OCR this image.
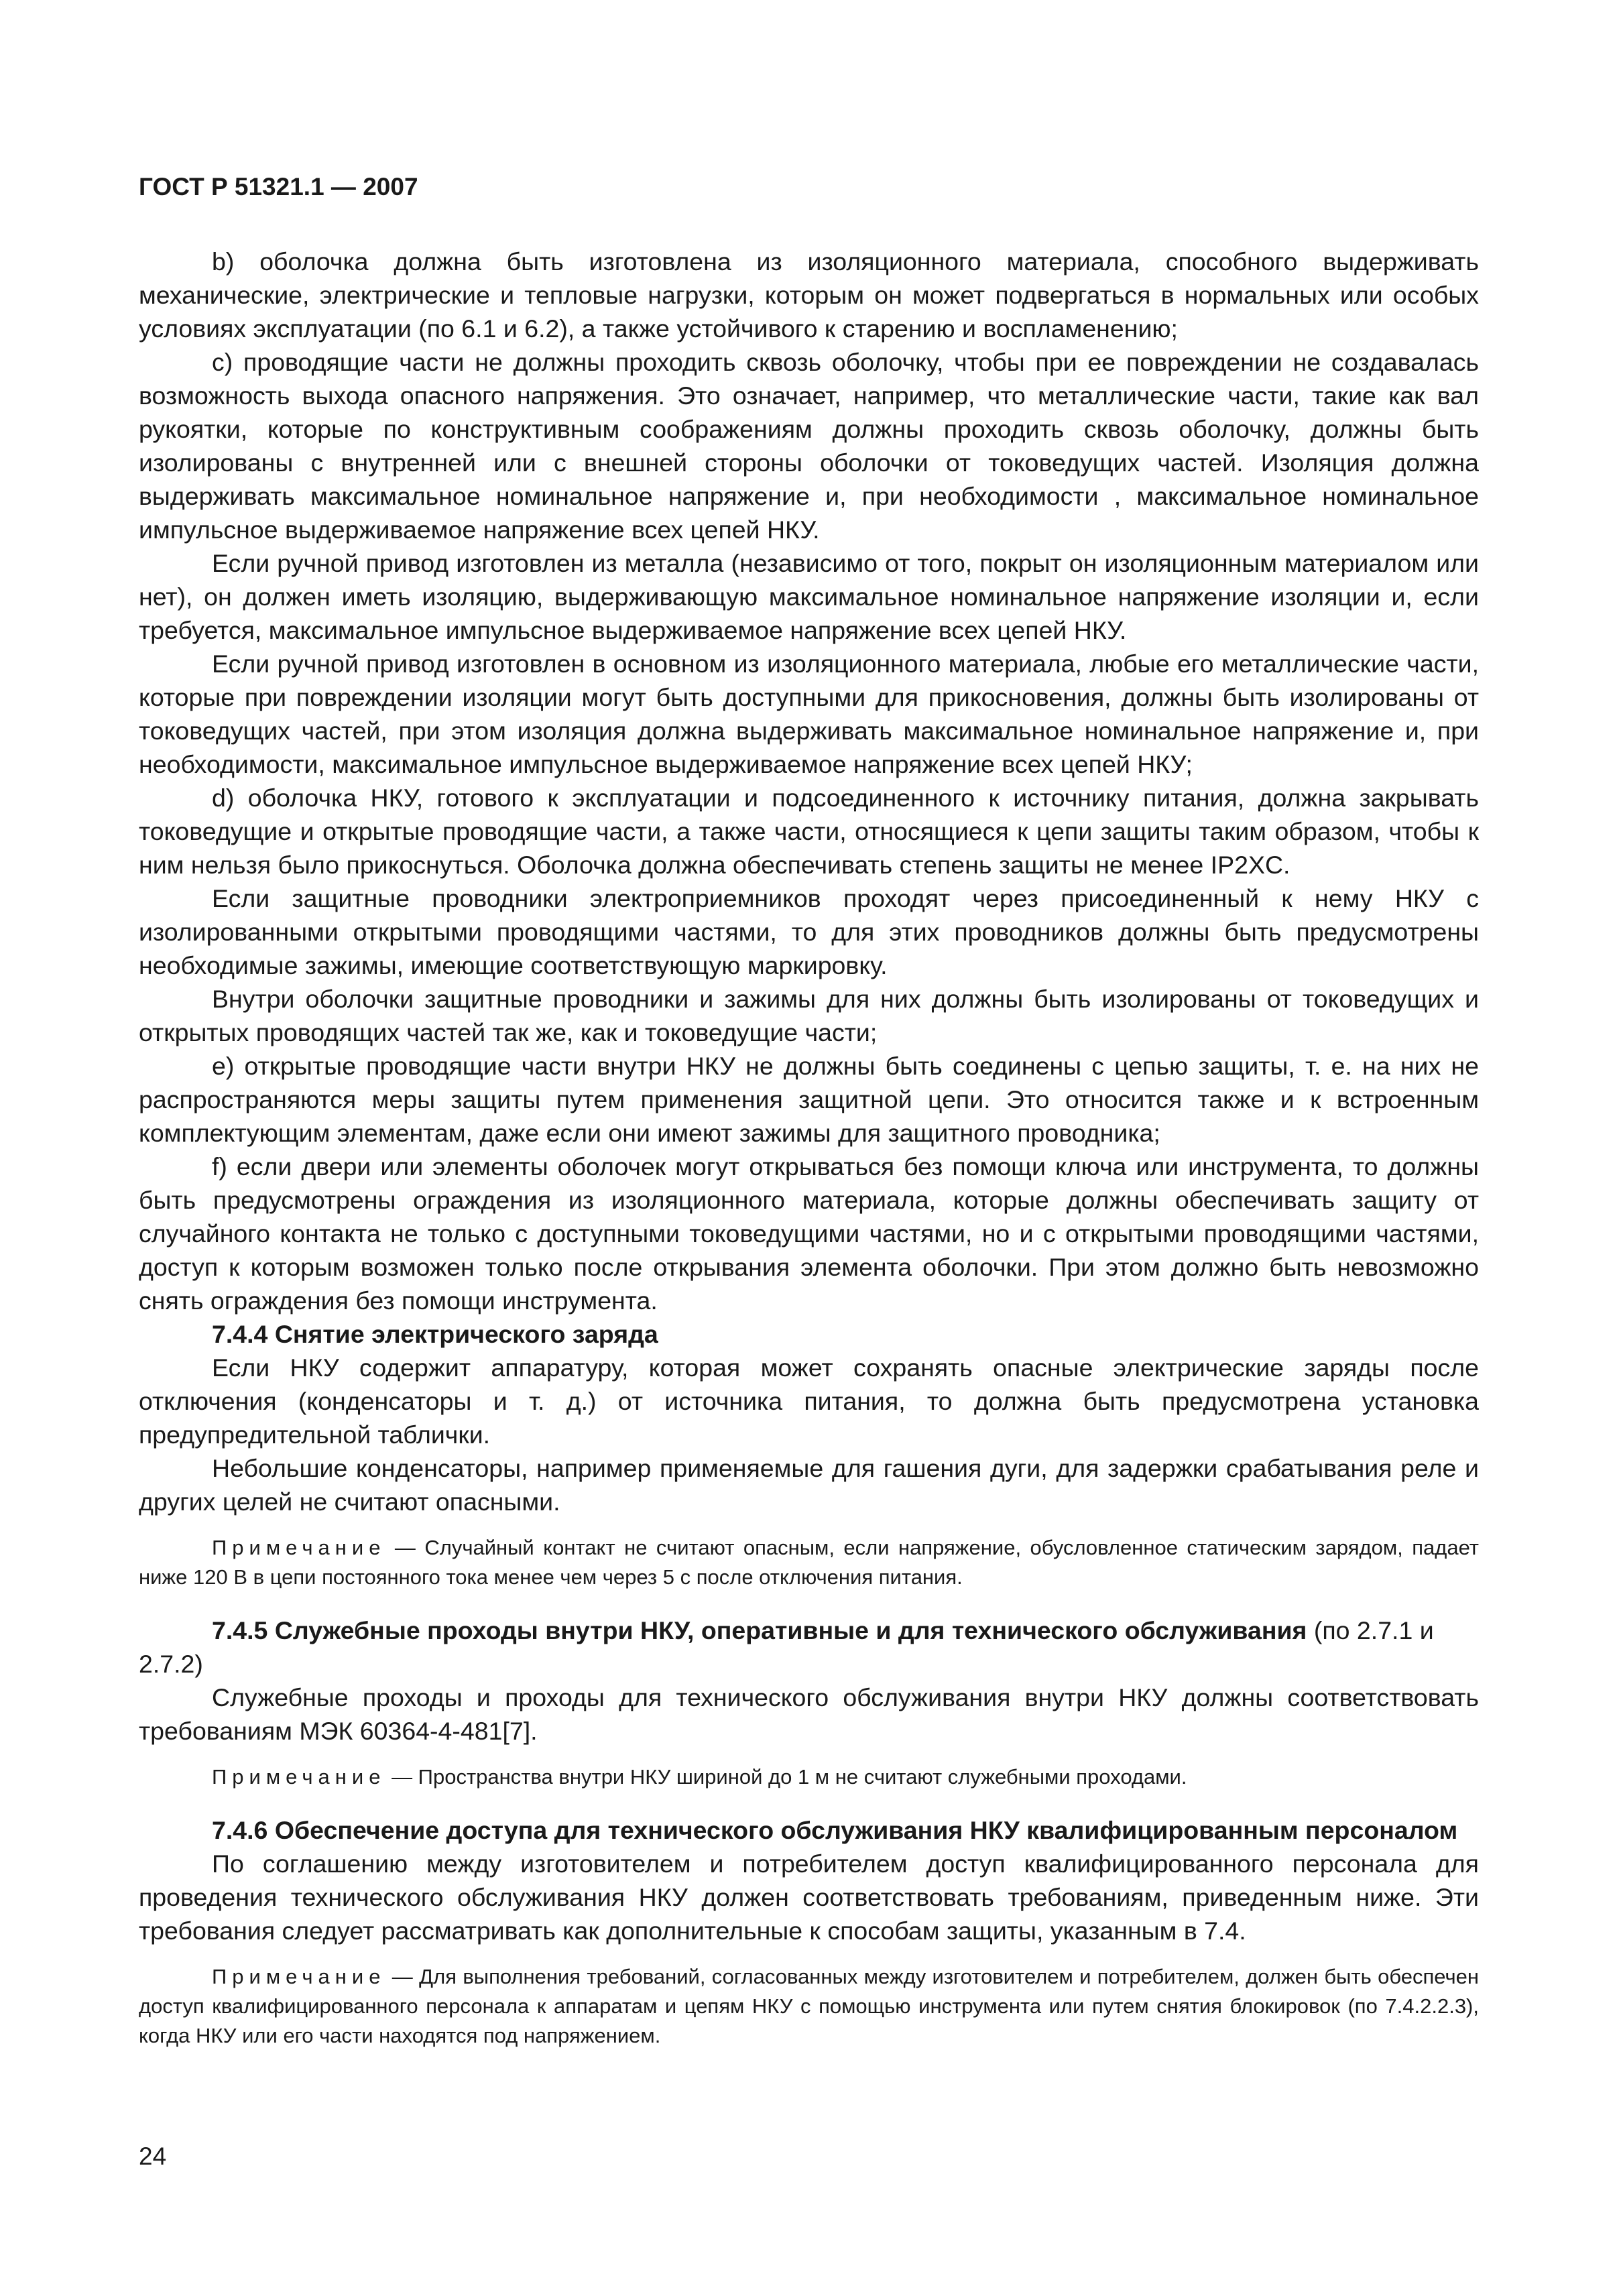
ГОСТ Р 51321.1 — 2007

b) оболочка должна быть изготовлена из изоляционного материала, способного выдерживать механические, электрические и тепловые нагрузки, которым он может подвергаться в нормальных или особых условиях эксплуатации (по 6.1 и 6.2), а также устойчивого к старению и воспламенению;

c) проводящие части не должны проходить сквозь оболочку, чтобы при ее повреждении не создавалась возможность выхода опасного напряжения. Это означает, например, что металлические части, такие как вал рукоятки, которые по конструктивным соображениям должны проходить сквозь оболочку, должны быть изолированы с внутренней или с внешней стороны оболочки от токоведущих частей. Изоляция должна выдерживать максимальное номинальное напряжение и, при необходимости , максимальное номинальное импульсное выдерживаемое напряжение всех цепей НКУ.

Если ручной привод изготовлен из металла (независимо от того, покрыт он изоляционным материалом или нет), он должен иметь изоляцию, выдерживающую максимальное номинальное напряжение изоляции и, если требуется, максимальное импульсное выдерживаемое напряжение всех цепей НКУ.

Если ручной привод изготовлен в основном из изоляционного материала, любые его металлические части, которые при повреждении изоляции могут быть доступными для прикосновения, должны быть изолированы от токоведущих частей, при этом изоляция должна выдерживать максимальное номинальное напряжение и, при необходимости, максимальное импульсное выдерживаемое напряжение всех цепей НКУ;

d) оболочка НКУ, готового к эксплуатации и подсоединенного к источнику питания, должна закрывать токоведущие и открытые проводящие части, а также части, относящиеся к цепи защиты таким образом, чтобы к ним нельзя было прикоснуться. Оболочка должна обеспечивать степень защиты не менее IP2XC.

Если защитные проводники электроприемников проходят через присоединенный к нему НКУ с изолированными открытыми проводящими частями, то для этих проводников должны быть предусмотрены необходимые зажимы, имеющие соответствующую маркировку.

Внутри оболочки защитные проводники и зажимы для них должны быть изолированы от токоведущих и открытых проводящих частей так же, как и токоведущие части;

e) открытые проводящие части внутри НКУ не должны быть соединены с цепью защиты, т. е. на них не распространяются меры защиты путем применения защитной цепи. Это относится также и к встроенным комплектующим элементам, даже если они имеют зажимы для защитного проводника;

f) если двери или элементы оболочек могут открываться без помощи ключа или инструмента, то должны быть предусмотрены ограждения из изоляционного материала, которые должны обеспечивать защиту от случайного контакта не только с доступными токоведущими частями, но и с открытыми проводящими частями, доступ к которым возможен только после открывания элемента оболочки. При этом должно быть невозможно снять ограждения без помощи инструмента.

7.4.4 Снятие электрического заряда

Если НКУ содержит аппаратуру, которая может сохранять опасные электрические заряды после отключения (конденсаторы и т. д.) от источника питания, то должна быть предусмотрена установка предупредительной таблички.

Небольшие конденсаторы, например применяемые для гашения дуги, для задержки срабатывания реле и других целей не считают опасными.

Примечание — Случайный контакт не считают опасным, если напряжение, обусловленное статическим зарядом, падает ниже 120 В в цепи постоянного тока менее чем через 5 с после отключения питания.

7.4.5 Служебные проходы внутри НКУ, оперативные и для технического обслуживания (по 2.7.1 и 2.7.2)

Служебные проходы и проходы для технического обслуживания внутри НКУ должны соответствовать требованиям МЭК 60364-4-481[7].

Примечание — Пространства внутри НКУ шириной до 1 м не считают служебными проходами.

7.4.6 Обеспечение доступа для технического обслуживания НКУ квалифицированным персоналом

По соглашению между изготовителем и потребителем доступ квалифицированного персонала для проведения технического обслуживания НКУ должен соответствовать требованиям, приведенным ниже. Эти требования следует рассматривать как дополнительные к способам защиты, указанным в 7.4.

Примечание — Для выполнения требований, согласованных между изготовителем и потребителем, должен быть обеспечен доступ квалифицированного персонала к аппаратам и цепям НКУ с помощью инструмента или путем снятия блокировок (по 7.4.2.2.3), когда НКУ или его части находятся под напряжением.

24
